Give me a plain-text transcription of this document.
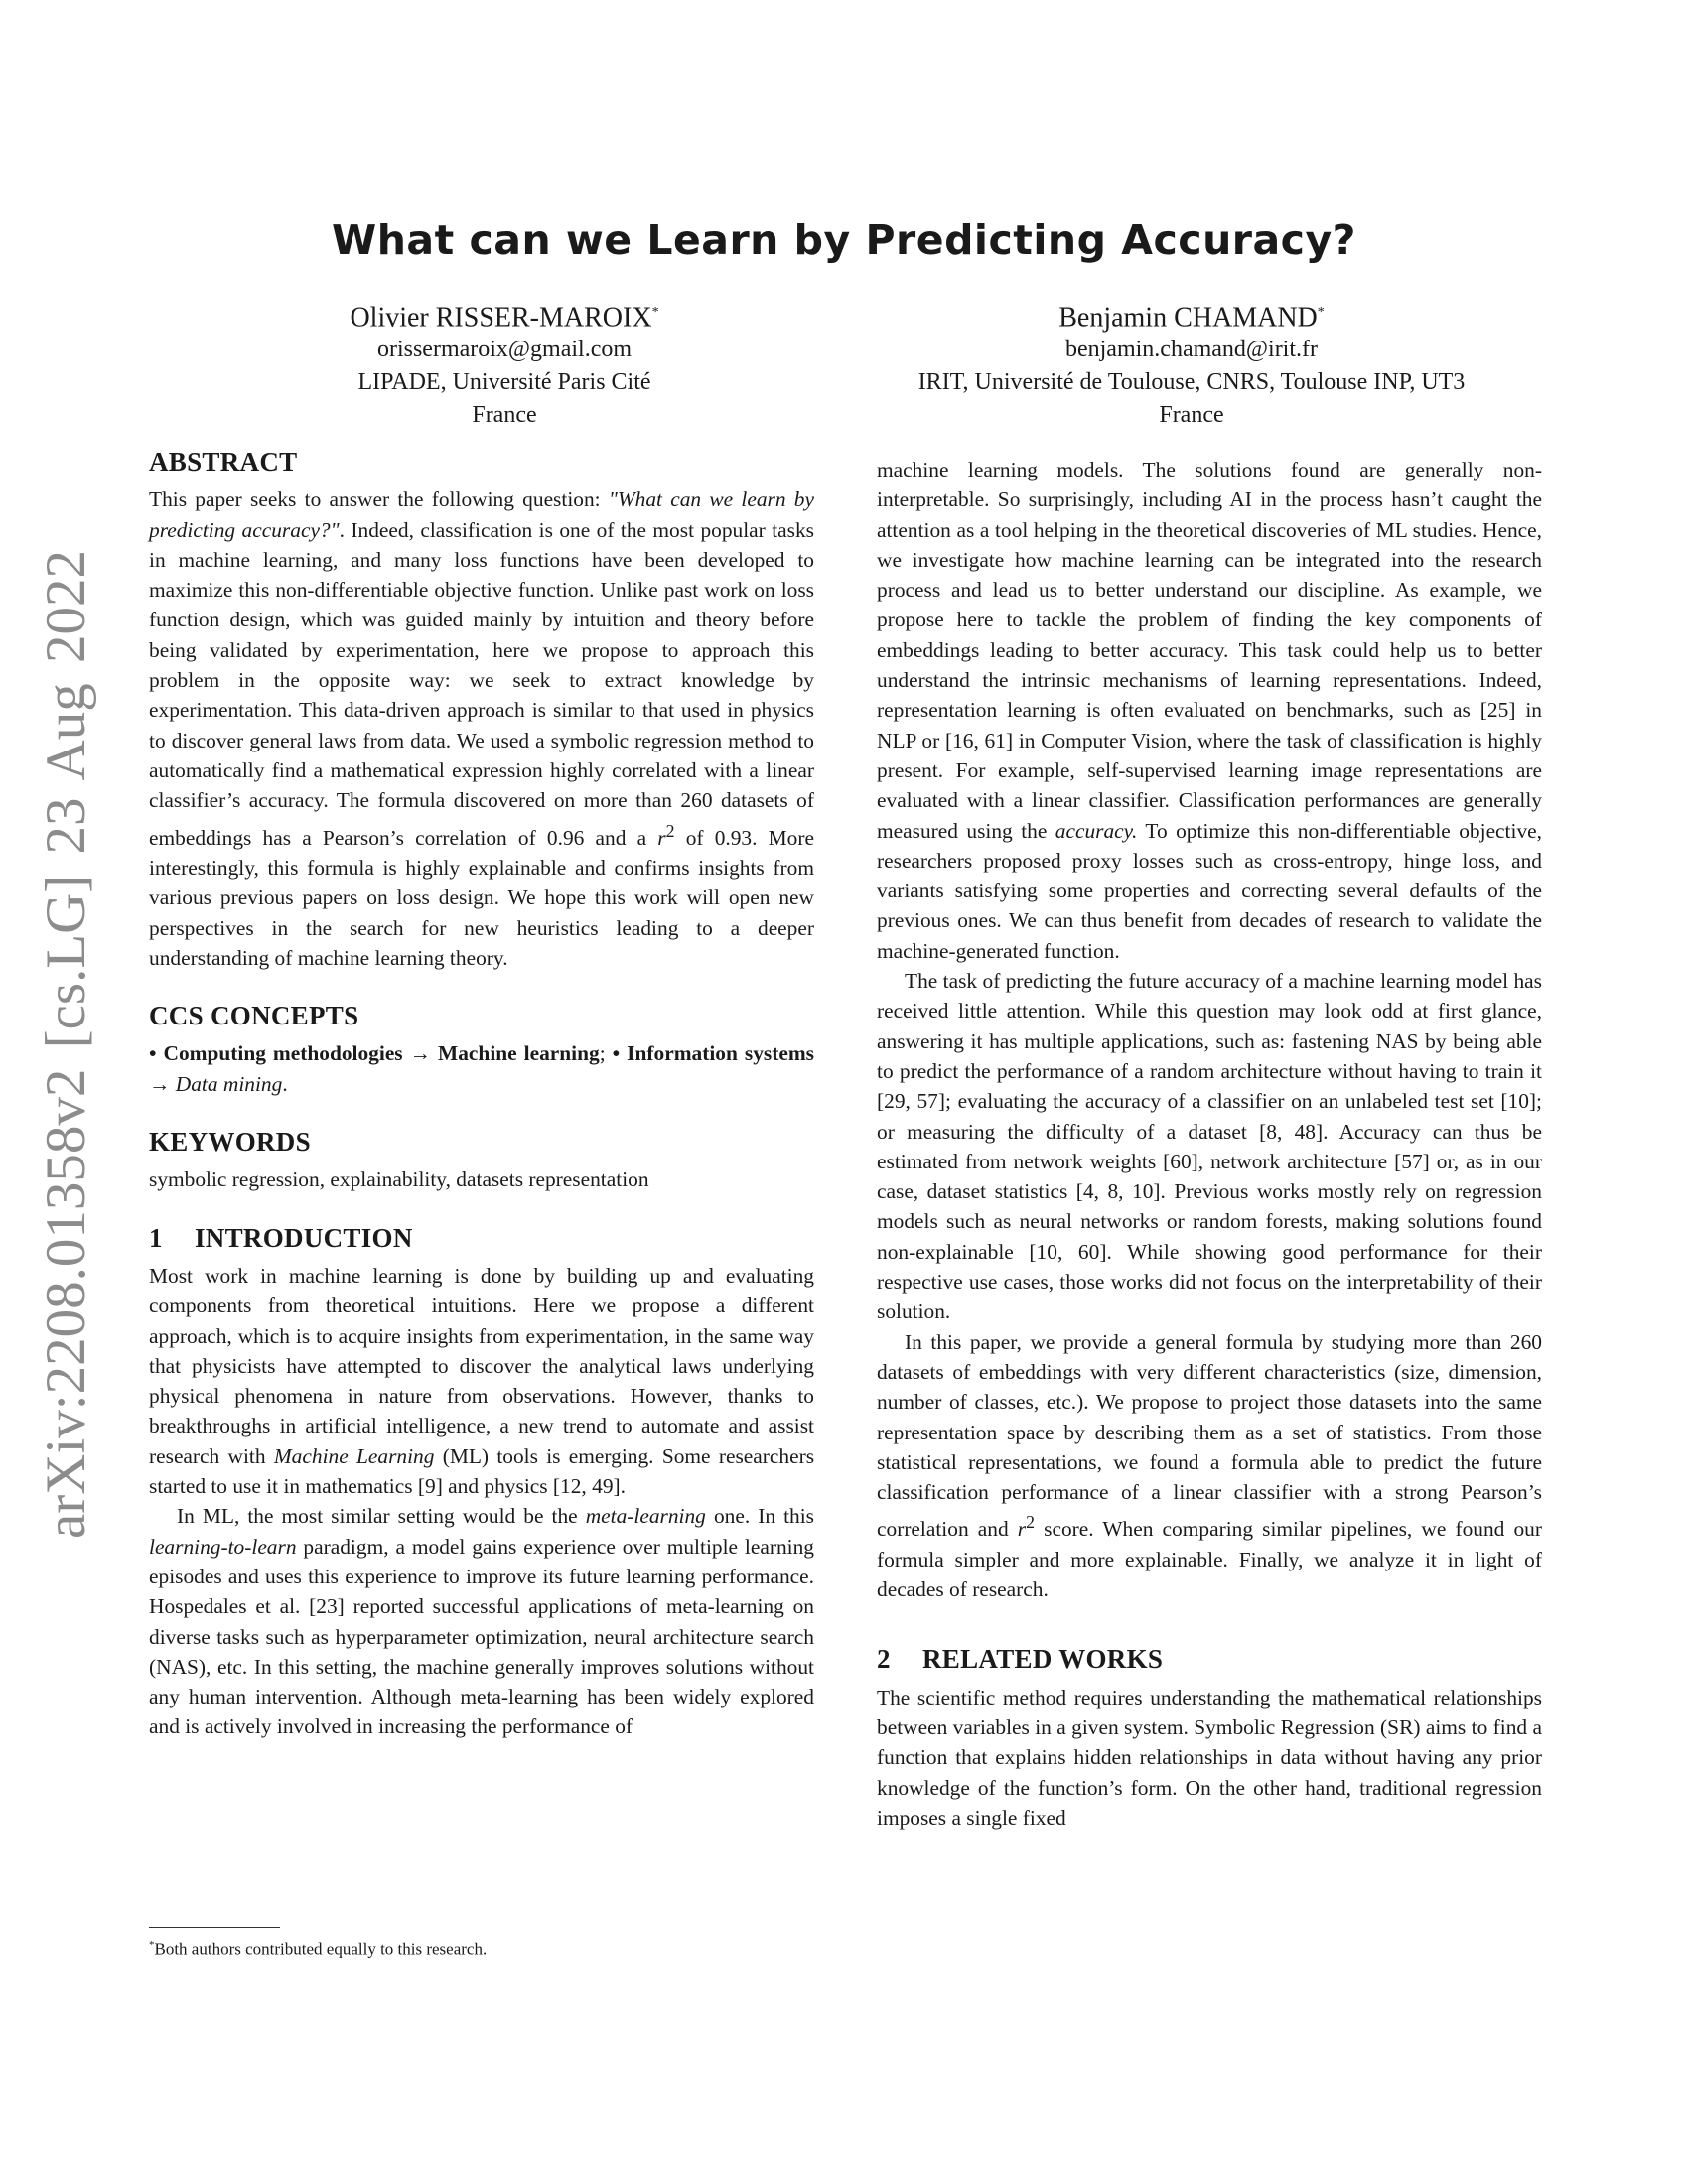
arXiv:2208.01358v2 [cs.LG] 23 Aug 2022
What can we Learn by Predicting Accuracy?
Olivier RISSER-MAROIX*
orissermaroix@gmail.com
LIPADE, Université Paris Cité
France
Benjamin CHAMAND*
benjamin.chamand@irit.fr
IRIT, Université de Toulouse, CNRS, Toulouse INP, UT3
France
ABSTRACT

This paper seeks to answer the following question: "What can we learn by predicting accuracy?". Indeed, classification is one of the most popular tasks in machine learning, and many loss functions have been developed to maximize this non-differentiable objective function. Unlike past work on loss function design, which was guided mainly by intuition and theory before being validated by experimentation, here we propose to approach this problem in the opposite way: we seek to extract knowledge by experimentation. This data-driven approach is similar to that used in physics to discover general laws from data. We used a symbolic regression method to automatically find a mathematical expression highly correlated with a linear classifier’s accuracy. The formula discovered on more than 260 datasets of embeddings has a Pearson’s correlation of 0.96 and a $r^2$ of 0.93. More interestingly, this formula is highly explainable and confirms insights from various previous papers on loss design. We hope this work will open new perspectives in the search for new heuristics leading to a deeper understanding of machine learning theory.

CCS CONCEPTS

• Computing methodologies → Machine learning; • Information systems → Data mining.

KEYWORDS

symbolic regression, explainability, datasets representation

1 INTRODUCTION

Most work in machine learning is done by building up and evaluating components from theoretical intuitions. Here we propose a different approach, which is to acquire insights from experimentation, in the same way that physicists have attempted to discover the analytical laws underlying physical phenomena in nature from observations. However, thanks to breakthroughs in artificial intelligence, a new trend to automate and assist research with Machine Learning (ML) tools is emerging. Some researchers started to use it in mathematics [9] and physics [12, 49].

In ML, the most similar setting would be the meta-learning one. In this learning-to-learn paradigm, a model gains experience over multiple learning episodes and uses this experience to improve its future learning performance. Hospedales et al. [23] reported successful applications of meta-learning on diverse tasks such as hyperparameter optimization, neural architecture search (NAS), etc. In this setting, the machine generally improves solutions without any human intervention. Although meta-learning has been widely explored and is actively involved in increasing the performance of

machine learning models. The solutions found are generally non-interpretable. So surprisingly, including AI in the process hasn’t caught the attention as a tool helping in the theoretical discoveries of ML studies. Hence, we investigate how machine learning can be integrated into the research process and lead us to better understand our discipline. As example, we propose here to tackle the problem of finding the key components of embeddings leading to better accuracy. This task could help us to better understand the intrinsic mechanisms of learning representations. Indeed, representation learning is often evaluated on benchmarks, such as [25] in NLP or [16, 61] in Computer Vision, where the task of classification is highly present. For example, self-supervised learning image representations are evaluated with a linear classifier. Classification performances are generally measured using the accuracy. To optimize this non-differentiable objective, researchers proposed proxy losses such as cross-entropy, hinge loss, and variants satisfying some properties and correcting several defaults of the previous ones. We can thus benefit from decades of research to validate the machine-generated function.

The task of predicting the future accuracy of a machine learning model has received little attention. While this question may look odd at first glance, answering it has multiple applications, such as: fastening NAS by being able to predict the performance of a random architecture without having to train it [29, 57]; evaluating the accuracy of a classifier on an unlabeled test set [10]; or measuring the difficulty of a dataset [8, 48]. Accuracy can thus be estimated from network weights [60], network architecture [57] or, as in our case, dataset statistics [4, 8, 10]. Previous works mostly rely on regression models such as neural networks or random forests, making solutions found non-explainable [10, 60]. While showing good performance for their respective use cases, those works did not focus on the interpretability of their solution.

In this paper, we provide a general formula by studying more than 260 datasets of embeddings with very different characteristics (size, dimension, number of classes, etc.). We propose to project those datasets into the same representation space by describing them as a set of statistics. From those statistical representations, we found a formula able to predict the future classification performance of a linear classifier with a strong Pearson’s correlation and $r^2$ score. When comparing similar pipelines, we found our formula simpler and more explainable. Finally, we analyze it in light of decades of research.

2 RELATED WORKS

The scientific method requires understanding the mathematical relationships between variables in a given system. Symbolic Regression (SR) aims to find a function that explains hidden relationships in data without having any prior knowledge of the function’s form. On the other hand, traditional regression imposes a single fixed

*Both authors contributed equally to this research.
